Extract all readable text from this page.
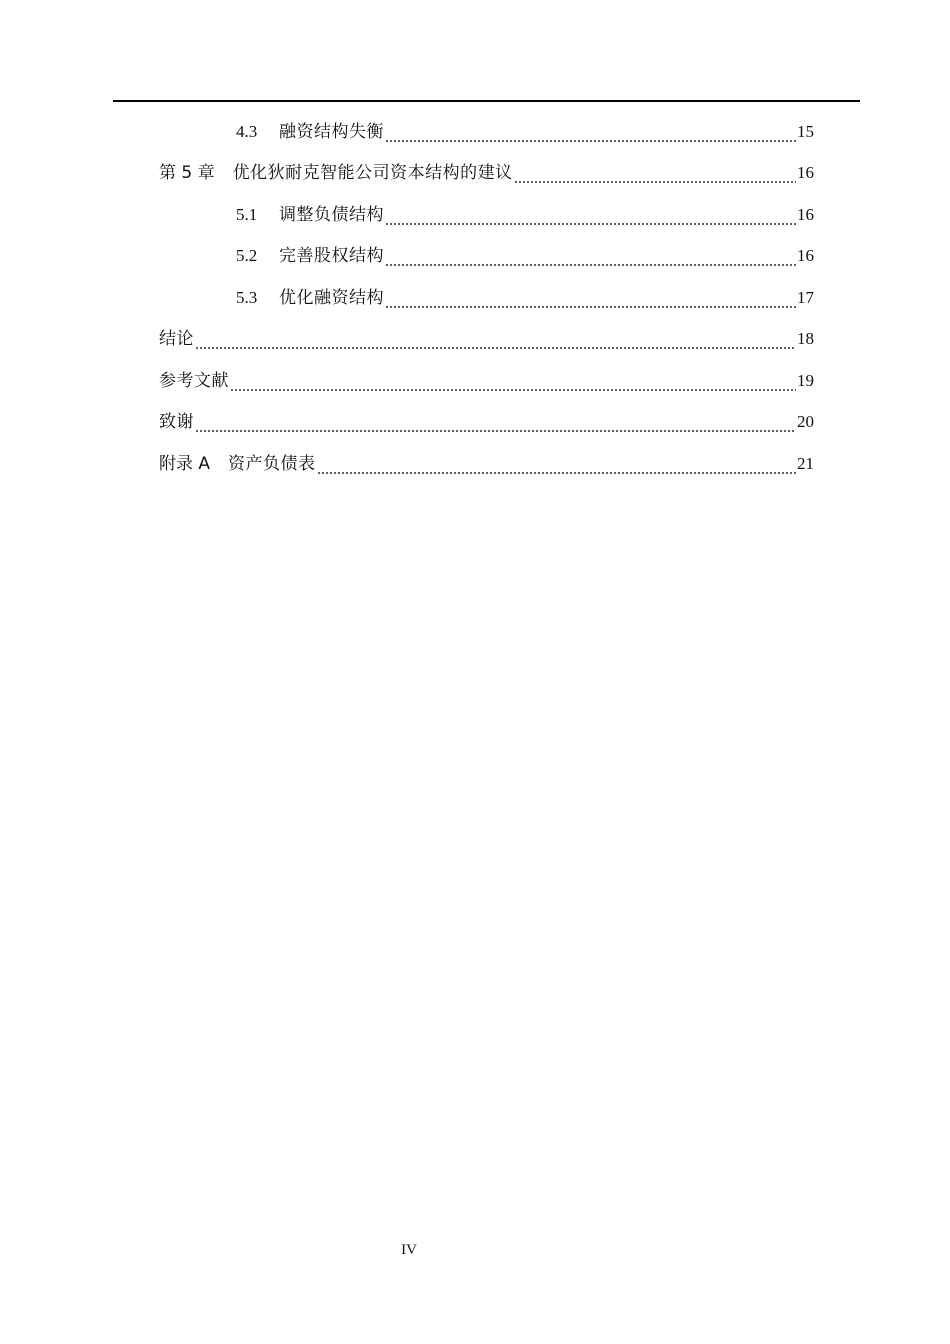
4.3	融资结构失衡	15
第 5 章 优化狄耐克智能公司资本结构的建议	16
5.1	调整负债结构	16
5.2	完善股权结构	16
5.3	优化融资结构	17
结论	18
参考文献	19
致谢	20
附录 A 资产负债表	21
IV
